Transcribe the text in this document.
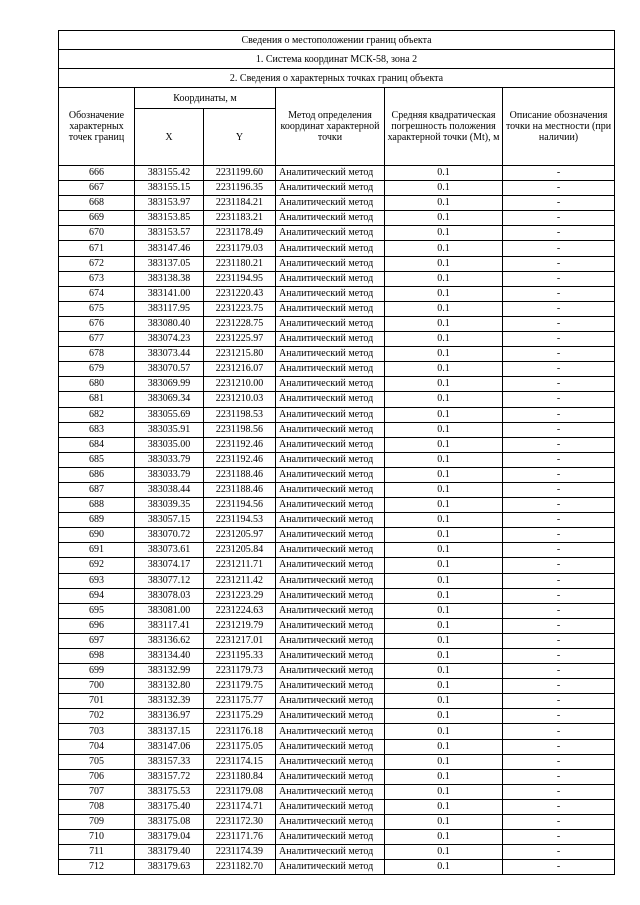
Сведения о местоположении границ объекта					
1. Система координат МСК-58, зона 2					
2. Сведения о характерных точках границ объекта					
Обозначение характерных точек границ	Координаты, м		Метод определения координат характерной точки	Средняя квадратическая погрешность положения характерной точки (Mt), м	Описание обозначения точки на местности (при наличии)
	X	Y			
666	383155.42	2231199.60	Аналитический метод	0.1	-
667	383155.15	2231196.35	Аналитический метод	0.1	-
668	383153.97	2231184.21	Аналитический метод	0.1	-
669	383153.85	2231183.21	Аналитический метод	0.1	-
670	383153.57	2231178.49	Аналитический метод	0.1	-
671	383147.46	2231179.03	Аналитический метод	0.1	-
672	383137.05	2231180.21	Аналитический метод	0.1	-
673	383138.38	2231194.95	Аналитический метод	0.1	-
674	383141.00	2231220.43	Аналитический метод	0.1	-
675	383117.95	2231223.75	Аналитический метод	0.1	-
676	383080.40	2231228.75	Аналитический метод	0.1	-
677	383074.23	2231225.97	Аналитический метод	0.1	-
678	383073.44	2231215.80	Аналитический метод	0.1	-
679	383070.57	2231216.07	Аналитический метод	0.1	-
680	383069.99	2231210.00	Аналитический метод	0.1	-
681	383069.34	2231210.03	Аналитический метод	0.1	-
682	383055.69	2231198.53	Аналитический метод	0.1	-
683	383035.91	2231198.56	Аналитический метод	0.1	-
684	383035.00	2231192.46	Аналитический метод	0.1	-
685	383033.79	2231192.46	Аналитический метод	0.1	-
686	383033.79	2231188.46	Аналитический метод	0.1	-
687	383038.44	2231188.46	Аналитический метод	0.1	-
688	383039.35	2231194.56	Аналитический метод	0.1	-
689	383057.15	2231194.53	Аналитический метод	0.1	-
690	383070.72	2231205.97	Аналитический метод	0.1	-
691	383073.61	2231205.84	Аналитический метод	0.1	-
692	383074.17	2231211.71	Аналитический метод	0.1	-
693	383077.12	2231211.42	Аналитический метод	0.1	-
694	383078.03	2231223.29	Аналитический метод	0.1	-
695	383081.00	2231224.63	Аналитический метод	0.1	-
696	383117.41	2231219.79	Аналитический метод	0.1	-
697	383136.62	2231217.01	Аналитический метод	0.1	-
698	383134.40	2231195.33	Аналитический метод	0.1	-
699	383132.99	2231179.73	Аналитический метод	0.1	-
700	383132.80	2231179.75	Аналитический метод	0.1	-
701	383132.39	2231175.77	Аналитический метод	0.1	-
702	383136.97	2231175.29	Аналитический метод	0.1	-
703	383137.15	2231176.18	Аналитический метод	0.1	-
704	383147.06	2231175.05	Аналитический метод	0.1	-
705	383157.33	2231174.15	Аналитический метод	0.1	-
706	383157.72	2231180.84	Аналитический метод	0.1	-
707	383175.53	2231179.08	Аналитический метод	0.1	-
708	383175.40	2231174.71	Аналитический метод	0.1	-
709	383175.08	2231172.30	Аналитический метод	0.1	-
710	383179.04	2231171.76	Аналитический метод	0.1	-
711	383179.40	2231174.39	Аналитический метод	0.1	-
712	383179.63	2231182.70	Аналитический метод	0.1	-
